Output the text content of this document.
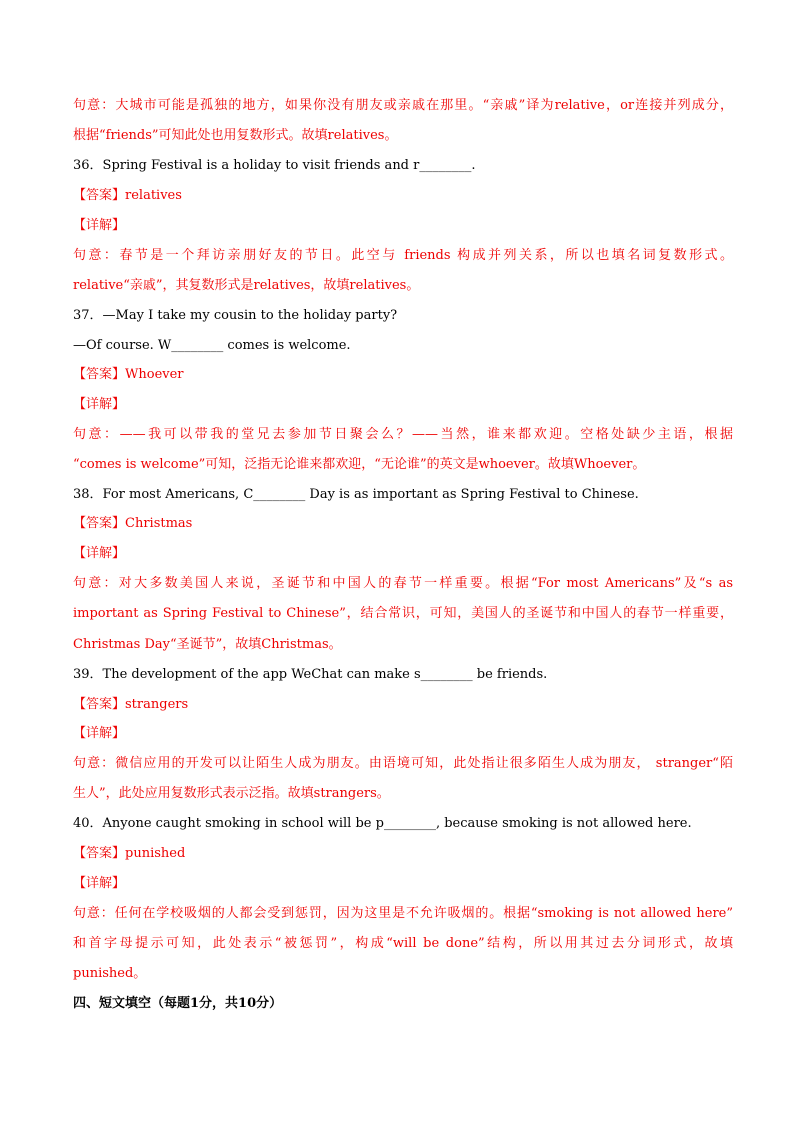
句意：大城市可能是孤独的地方，如果你没有朋友或亲戚在那里。“亲戚”译为relative，or连接并列成分，
根据“friends”可知此处也用复数形式。故填relatives。
36．Spring Festival is a holiday to visit friends and r________.
【答案】relatives
【详解】
句意：春节是一个拜访亲朋好友的节日。此空与 friends 构成并列关系，所以也填名词复数形式。
relative“亲戚”，其复数形式是relatives，故填relatives。
37．—May I take my cousin to the holiday party?
—Of course. W________ comes is welcome.
【答案】Whoever
【详解】
句意：——我可以带我的堂兄去参加节日聚会么？——当然，谁来都欢迎。空格处缺少主语，根据
“comes is welcome”可知，泛指无论谁来都欢迎，“无论谁”的英文是whoever。故填Whoever。
38．For most Americans, C________ Day is as important as Spring Festival to Chinese.
【答案】Christmas
【详解】
句意：对大多数美国人来说，圣诞节和中国人的春节一样重要。根据“For most Americans”及“s as
important as Spring Festival to Chinese”，结合常识，可知，美国人的圣诞节和中国人的春节一样重要，
Christmas Day“圣诞节”，故填Christmas。
39．The development of the app WeChat can make s________ be friends.
【答案】strangers
【详解】
句意：微信应用的开发可以让陌生人成为朋友。由语境可知，此处指让很多陌生人成为朋友， stranger“陌
生人”，此处应用复数形式表示泛指。故填strangers。
40．Anyone caught smoking in school will be p________, because smoking is not allowed here.
【答案】punished
【详解】
句意：任何在学校吸烟的人都会受到惩罚，因为这里是不允许吸烟的。根据“smoking is not allowed here”
和首字母提示可知，此处表示“被惩罚”，构成“will be done”结构，所以用其过去分词形式，故填
punished。
四、短文填空（每题1分，共10分）
